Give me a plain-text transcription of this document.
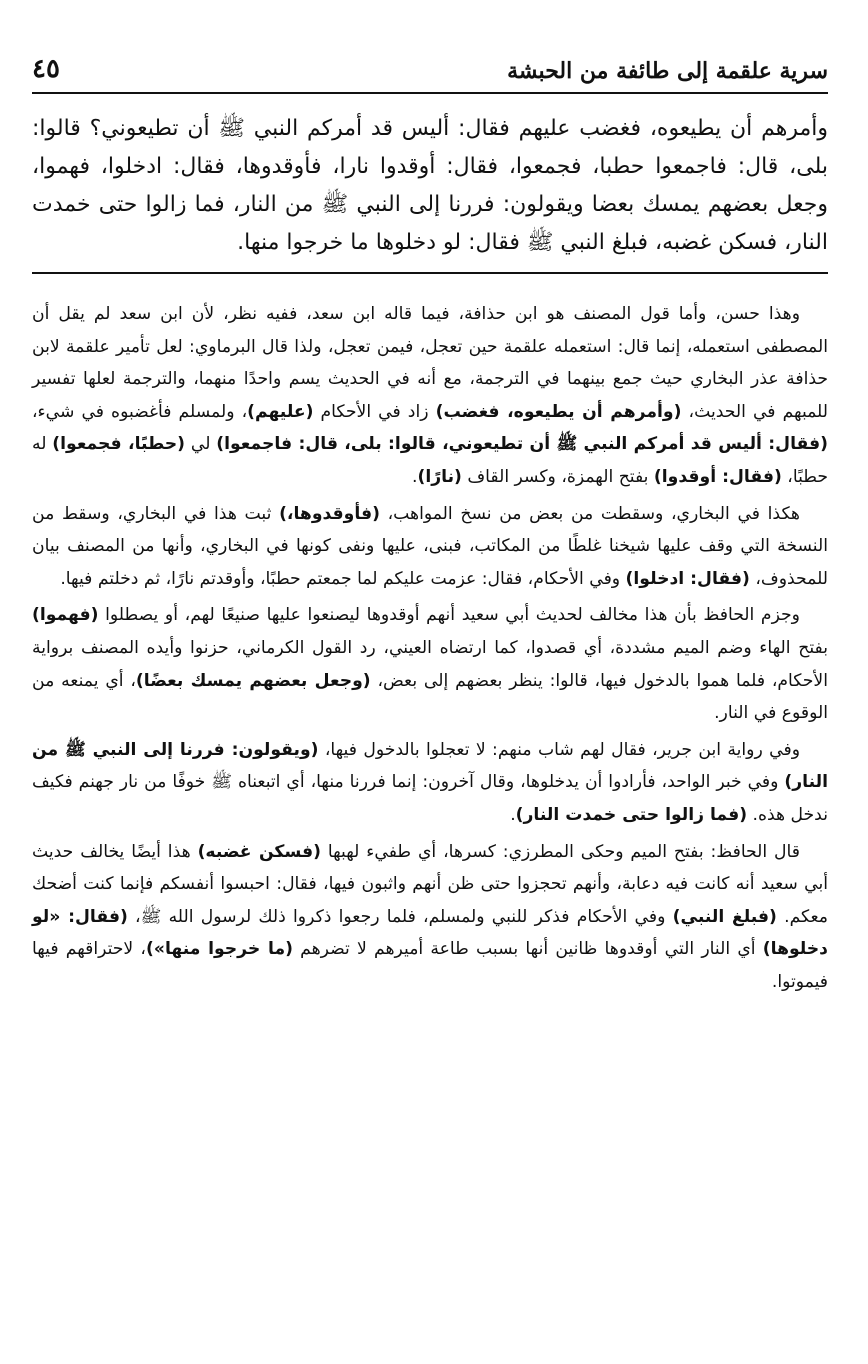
سرية علقمة إلى طائفة من الحبشة
٤٥
وأمرهم أن يطيعوه، فغضب عليهم فقال: أليس قد أمركم النبي ﷺ أن تطيعوني؟ قالوا: بلى، قال: فاجمعوا حطبا، فجمعوا، فقال: أوقدوا نارا، فأوقدوها، فقال: ادخلوا، فهموا، وجعل بعضهم يمسك بعضا ويقولون: فررنا إلى النبي ﷺ من النار، فما زالوا حتى خمدت النار، فسكن غضبه، فبلغ النبي ﷺ فقال: لو دخلوها ما خرجوا منها.

وهذا حسن، وأما قول المصنف هو ابن حذافة، فيما قاله ابن سعد، ففيه نظر، لأن ابن سعد لم يقل أن المصطفى استعمله، إنما قال: استعمله علقمة حين تعجل، فيمن تعجل، ولذا قال البرماوي: لعل تأمير علقمة لابن حذافة عذر البخاري حيث جمع بينهما في الترجمة، مع أنه في الحديث يسم واحدًا منهما، والترجمة لعلها تفسير للمبهم في الحديث، (وأمرهم أن يطيعوه، فغضب) زاد في الأحكام (عليهم)، ولمسلم فأغضبوه في شيء، (فقال: أليس قد أمركم النبي ﷺ أن تطيعوني، قالوا: بلى، قال: فاجمعوا) لي (حطبًا، فجمعوا) له حطبًا، (فقال: أوقدوا) بفتح الهمزة، وكسر القاف (نارًا).

هكذا في البخاري، وسقطت من بعض من نسخ المواهب، (فأوقدوها،) ثبت هذا في البخاري، وسقط من النسخة التي وقف عليها شيخنا غلطًا من المكاتب، فبنى، عليها ونفى كونها في البخاري، وأنها من المصنف بيان للمحذوف، (فقال: ادخلوا) وفي الأحكام، فقال: عزمت عليكم لما جمعتم حطبًا، وأوقدتم نارًا، ثم دخلتم فيها.

وجزم الحافظ بأن هذا مخالف لحديث أبي سعيد أنهم أوقدوها ليصنعوا عليها صنيعًا لهم، أو يصطلوا (فهموا) بفتح الهاء وضم الميم مشددة، أي قصدوا، كما ارتضاه العيني، رد القول الكرماني، حزنوا وأيده المصنف برواية الأحكام، فلما هموا بالدخول فيها، قالوا: ينظر بعضهم إلى بعض، (وجعل بعضهم يمسك بعضًا)، أي يمنعه من الوقوع في النار.

وفي رواية ابن جرير، فقال لهم شاب منهم: لا تعجلوا بالدخول فيها، (ويقولون: فررنا إلى النبي ﷺ من النار) وفي خبر الواحد، فأرادوا أن يدخلوها، وقال آخرون: إنما فررنا منها، أي اتبعناه ﷺ خوفًا من نار جهنم فكيف ندخل هذه. (فما زالوا حتى خمدت النار).

قال الحافظ: بفتح الميم وحكى المطرزي: كسرها، أي طفيء لهبها (فسكن غضبه) هذا أيضًا يخالف حديث أبي سعيد أنه كانت فيه دعابة، وأنهم تحجزوا حتى ظن أنهم واثبون فيها، فقال: احبسوا أنفسكم فإنما كنت أضحك معكم. (فبلغ النبي) وفي الأحكام فذكر للنبي ولمسلم، فلما رجعوا ذكروا ذلك لرسول الله ﷺ، (فقال: «لو دخلوها) أي النار التي أوقدوها ظانين أنها بسبب طاعة أميرهم لا تضرهم (ما خرجوا منها»)، لاحتراقهم فيها فيموتوا.
